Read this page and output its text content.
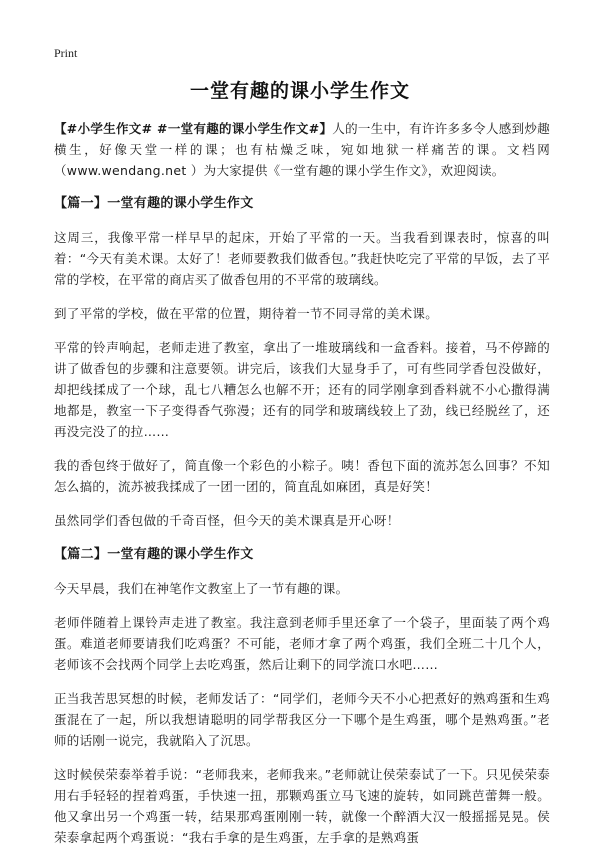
Print
一堂有趣的课小学生作文

【#小学生作文# #一堂有趣的课小学生作文#】人的一生中，有许许多多令人感到炒趣横生，好像天堂一样的课；也有枯燥乏味，宛如地狱一样痛苦的课。文档网（www.wendang.net ）为大家提供《一堂有趣的课小学生作文》，欢迎阅读。

【篇一】一堂有趣的课小学生作文

这周三，我像平常一样早早的起床，开始了平常的一天。当我看到课表时，惊喜的叫着：“今天有美术课。太好了！老师要教我们做香包。”我赶快吃完了平常的早饭，去了平常的学校，在平常的商店买了做香包用的不平常的玻璃线。

到了平常的学校，做在平常的位置，期待着一节不同寻常的美术课。

平常的铃声响起，老师走进了教室，拿出了一堆玻璃线和一盒香料。接着，马不停蹄的讲了做香包的步骤和注意要领。讲完后，该我们大显身手了，可有些同学香包没做好，却把线揉成了一个球，乱七八糟怎么也解不开；还有的同学刚拿到香料就不小心撒得满地都是，教室一下子变得香气弥漫；还有的同学和玻璃线较上了劲，线已经脱丝了，还再没完没了的拉……

我的香包终于做好了，简直像一个彩色的小粽子。咦！香包下面的流苏怎么回事？不知怎么搞的，流苏被我揉成了一团一团的，简直乱如麻团，真是好笑！

虽然同学们香包做的千奇百怪，但今天的美术课真是开心呀！

【篇二】一堂有趣的课小学生作文

今天早晨，我们在神笔作文教室上了一节有趣的课。

老师伴随着上课铃声走进了教室。我注意到老师手里还拿了一个袋子，里面装了两个鸡蛋。难道老师要请我们吃鸡蛋？不可能，老师才拿了两个鸡蛋，我们全班二十几个人，老师该不会找两个同学上去吃鸡蛋，然后让剩下的同学流口水吧……

正当我苦思冥想的时候，老师发话了：“同学们，老师今天不小心把煮好的熟鸡蛋和生鸡蛋混在了一起，所以我想请聪明的同学帮我区分一下哪个是生鸡蛋，哪个是熟鸡蛋。”老师的话刚一说完，我就陷入了沉思。

这时候侯荣泰举着手说：“老师我来，老师我来。”老师就让侯荣泰试了一下。只见侯荣泰用右手轻轻的捏着鸡蛋，手快速一扭，那颗鸡蛋立马飞速的旋转，如同跳芭蕾舞一般。他又拿出另一个鸡蛋一转，结果那鸡蛋刚刚一转，就像一个醉酒大汉一般摇摇晃晃。侯荣泰拿起两个鸡蛋说：“我右手拿的是生鸡蛋，左手拿的是熟鸡蛋
